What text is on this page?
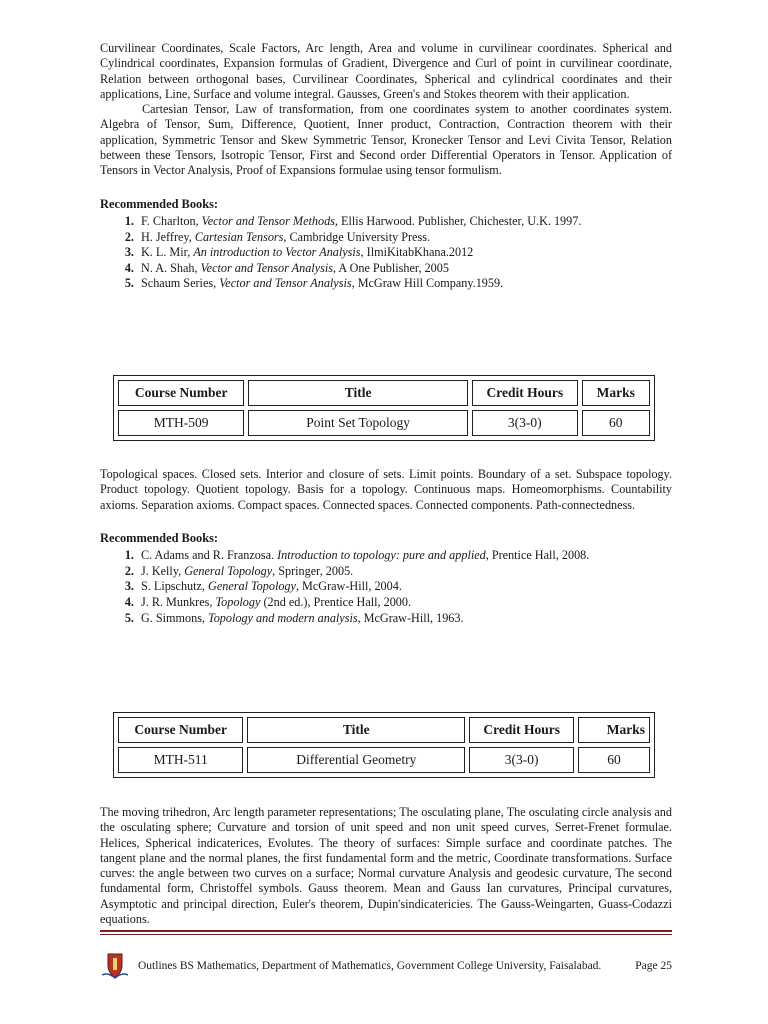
Curvilinear Coordinates, Scale Factors, Arc length, Area and volume in curvilinear coordinates. Spherical and Cylindrical coordinates, Expansion formulas of Gradient, Divergence and Curl of point in curvilinear coordinate, Relation between orthogonal bases, Curvilinear Coordinates, Spherical and cylindrical coordinates and their applications, Line, Surface and volume integral. Gausses, Green's and Stokes theorem with their application.

Cartesian Tensor, Law of transformation, from one coordinates system to another coordinates system. Algebra of Tensor, Sum, Difference, Quotient, Inner product, Contraction, Contraction theorem with their application, Symmetric Tensor and Skew Symmetric Tensor, Kronecker Tensor and Levi Civita Tensor, Relation between these Tensors, Isotropic Tensor, First and Second order Differential Operators in Tensor. Application of Tensors in Vector Analysis, Proof of Expansions formulae using tensor formulism.

Recommended Books:
1. F. Charlton, Vector and Tensor Methods, Ellis Harwood. Publisher, Chichester, U.K. 1997.
2. H. Jeffrey, Cartesian Tensors, Cambridge University Press.
3. K. L. Mir, An introduction to Vector Analysis, IlmiKitabKhana.2012
4. N. A. Shah, Vector and Tensor Analysis, A One Publisher, 2005
5. Schaum Series, Vector and Tensor Analysis, McGraw Hill Company.1959.
Course Number	Title	Credit Hours	Marks
MTH-509	Point Set Topology	3(3-0)	60

Topological spaces. Closed sets. Interior and closure of sets. Limit points. Boundary of a set. Subspace topology. Product topology. Quotient topology. Basis for a topology. Continuous maps. Homeomorphisms. Countability axioms. Separation axioms. Compact spaces. Connected spaces. Connected components. Path-connectedness.

Recommended Books:
1. C. Adams and R. Franzosa. Introduction to topology: pure and applied, Prentice Hall, 2008.
2. J. Kelly, General Topology, Springer, 2005.
3. S. Lipschutz, General Topology, McGraw-Hill, 2004.
4. J. R. Munkres, Topology (2nd ed.), Prentice Hall, 2000.
5. G. Simmons, Topology and modern analysis, McGraw-Hill, 1963.
Course Number	Title	Credit Hours	Marks
MTH-511	Differential Geometry	3(3-0)	60

The moving trihedron, Arc length parameter representations; The osculating plane, The osculating circle analysis and the osculating sphere; Curvature and torsion of unit speed and non unit speed curves, Serret-Frenet formulae. Helices, Spherical indicaterices, Evolutes. The theory of surfaces: Simple surface and coordinate patches. The tangent plane and the normal planes, the first fundamental form and the metric, Coordinate transformations. Surface curves: the angle between two curves on a surface; Normal curvature Analysis and geodesic curvature, The second fundamental form, Christoffel symbols. Gauss theorem. Mean and Gauss Ian curvatures, Principal curvatures, Asymptotic and principal direction, Euler's theorem, Dupin'sindicatericies. The Gauss-Weingarten, Guass-Codazzi equations.

Outlines BS Mathematics, Department of Mathematics, Government College University, Faisalabad.	Page 25
